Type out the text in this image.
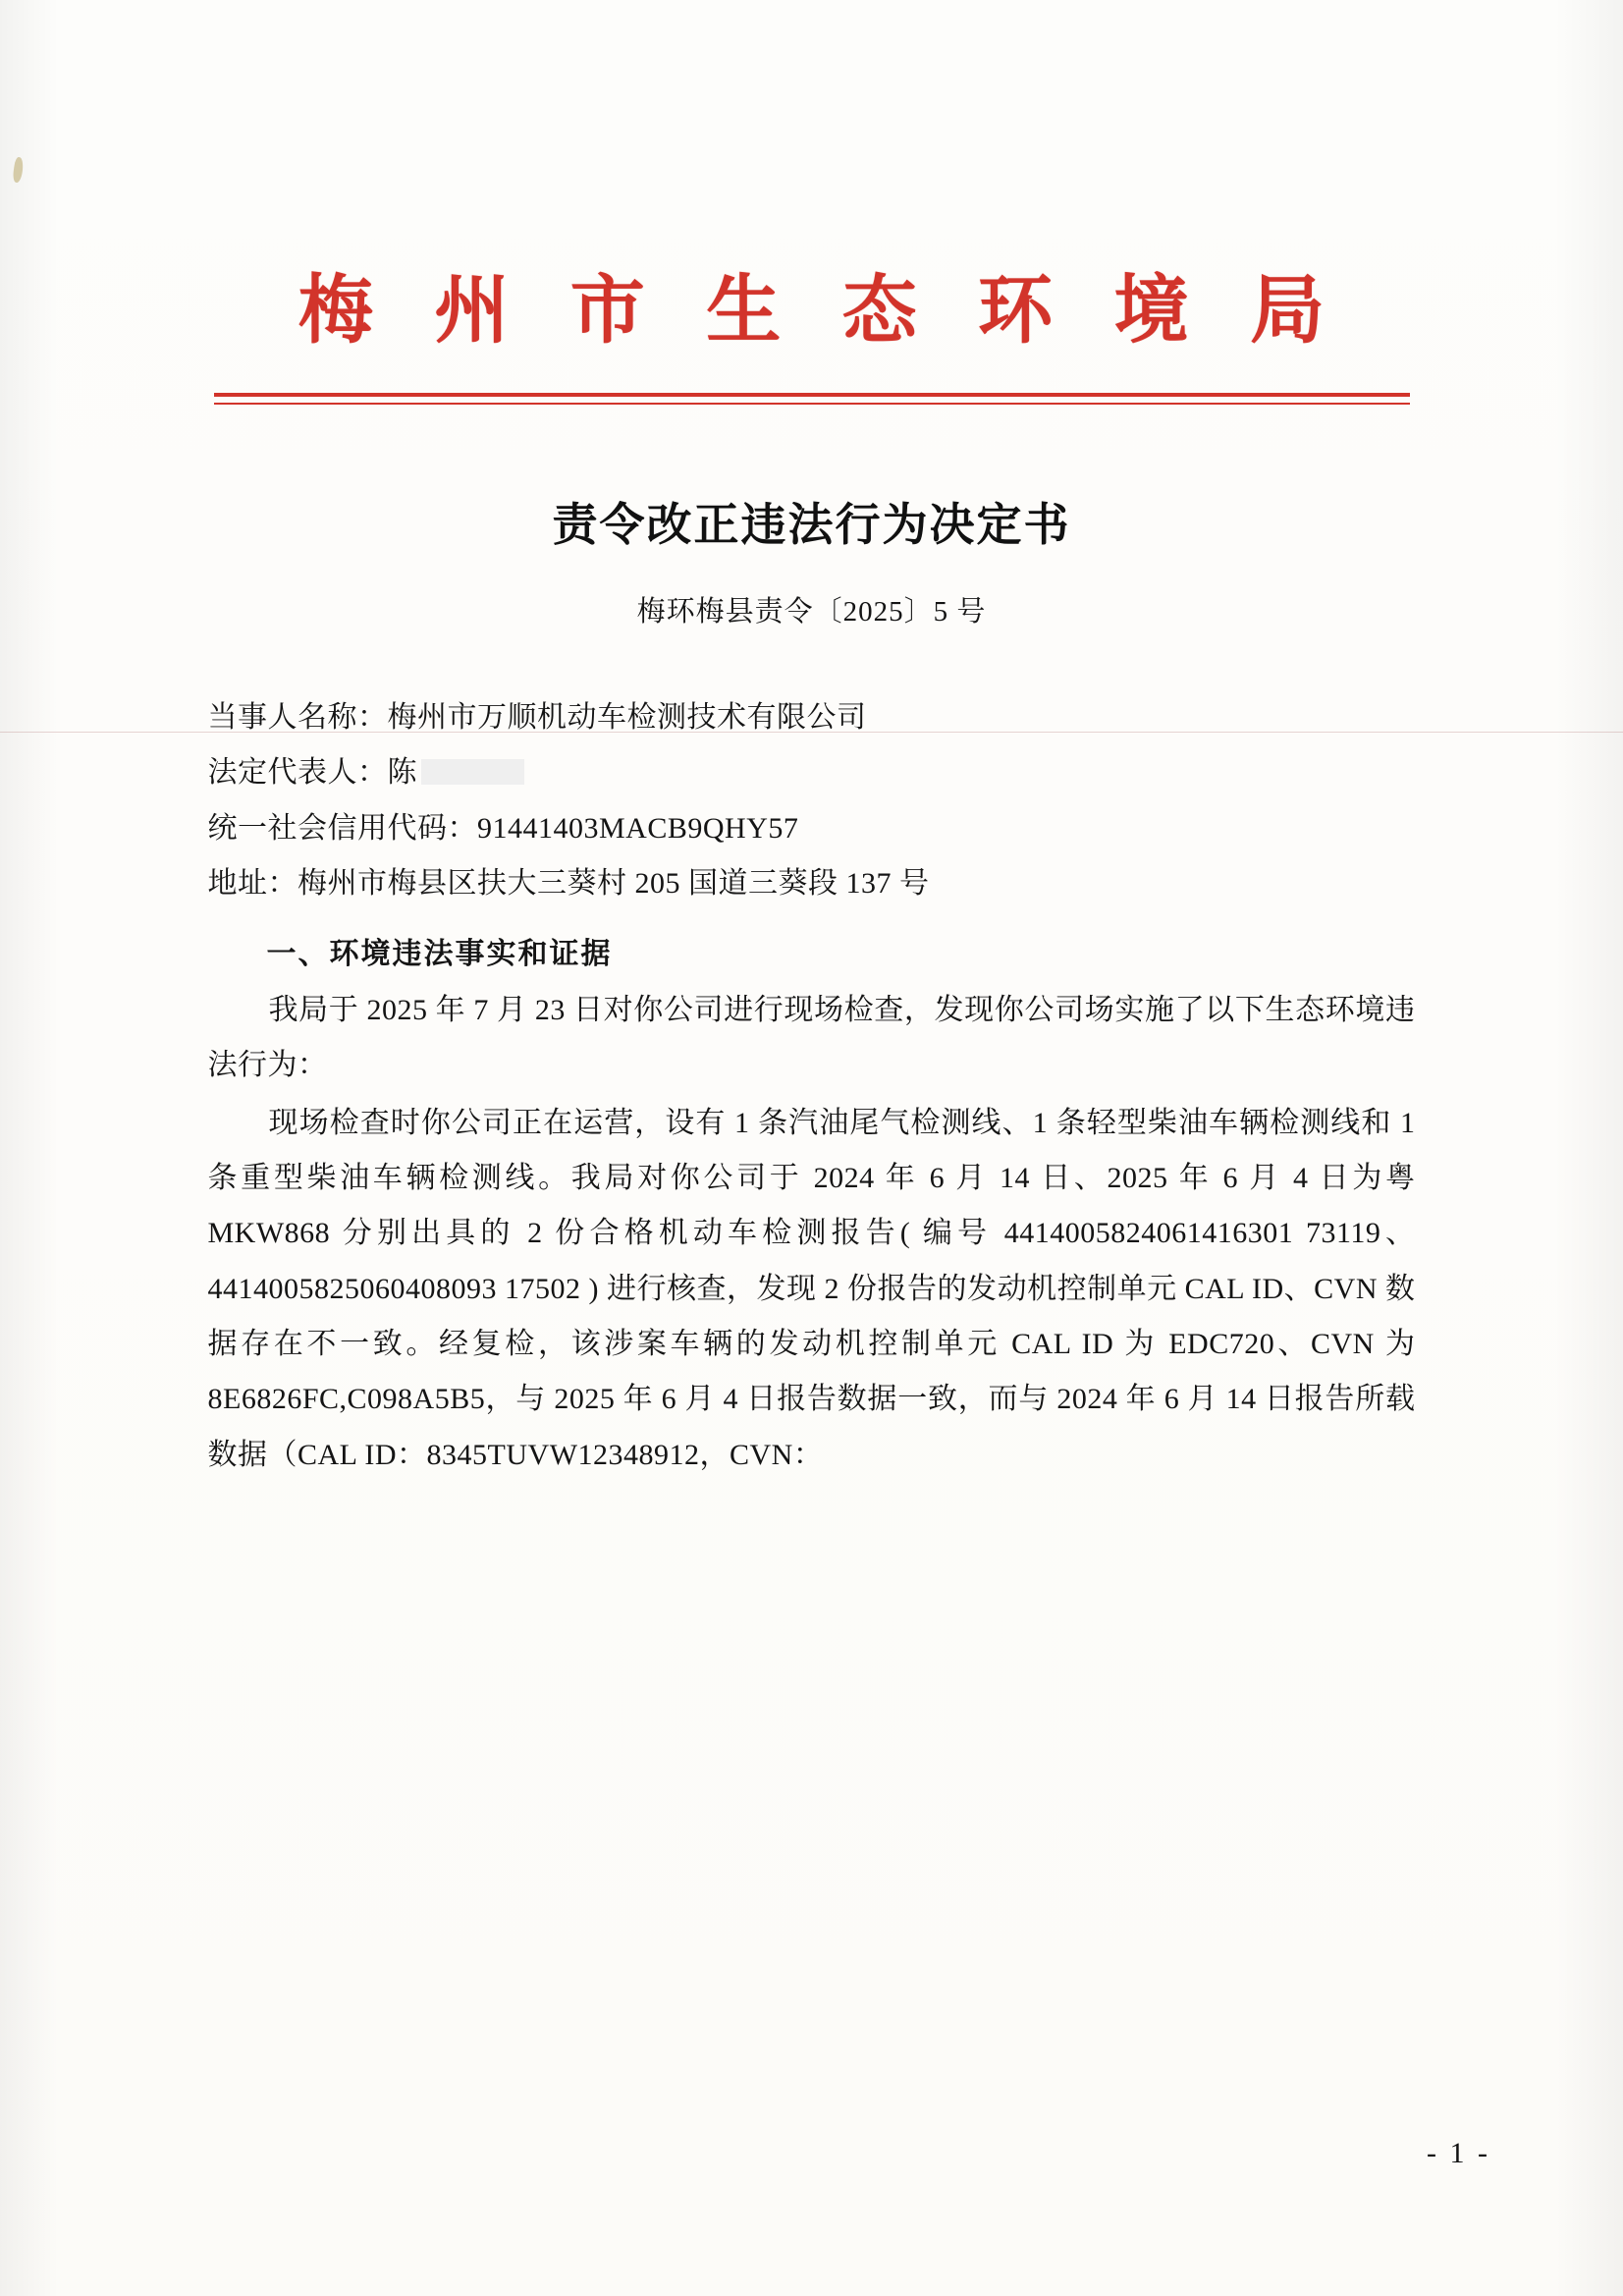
梅 州 市 生 态 环 境 局
责令改正违法行为决定书
梅环梅县责令〔2025〕5 号
当事人名称：梅州市万顺机动车检测技术有限公司
法定代表人：陈
统一社会信用代码：91441403MACB9QHY57
地址：梅州市梅县区扶大三葵村 205 国道三葵段 137 号
一、环境违法事实和证据

我局于 2025 年 7 月 23 日对你公司进行现场检查，发现你公司场实施了以下生态环境违法行为：

现场检查时你公司正在运营，设有 1 条汽油尾气检测线、1 条轻型柴油车辆检测线和 1 条重型柴油车辆检测线。我局对你公司于 2024 年 6 月 14 日、2025 年 6 月 4 日为粤 MKW868 分别出具的 2 份合格机动车检测报告( 编号 4414005824061416301 73119、4414005825060408093 17502 ) 进行核查，发现 2 份报告的发动机控制单元 CAL ID、CVN 数据存在不一致。经复检，该涉案车辆的发动机控制单元 CAL ID 为 EDC720、CVN 为 8E6826FC,C098A5B5，与 2025 年 6 月 4 日报告数据一致，而与 2024 年 6 月 14 日报告所载数据（CAL ID：8345TUVW12348912，CVN：

- 1 -
